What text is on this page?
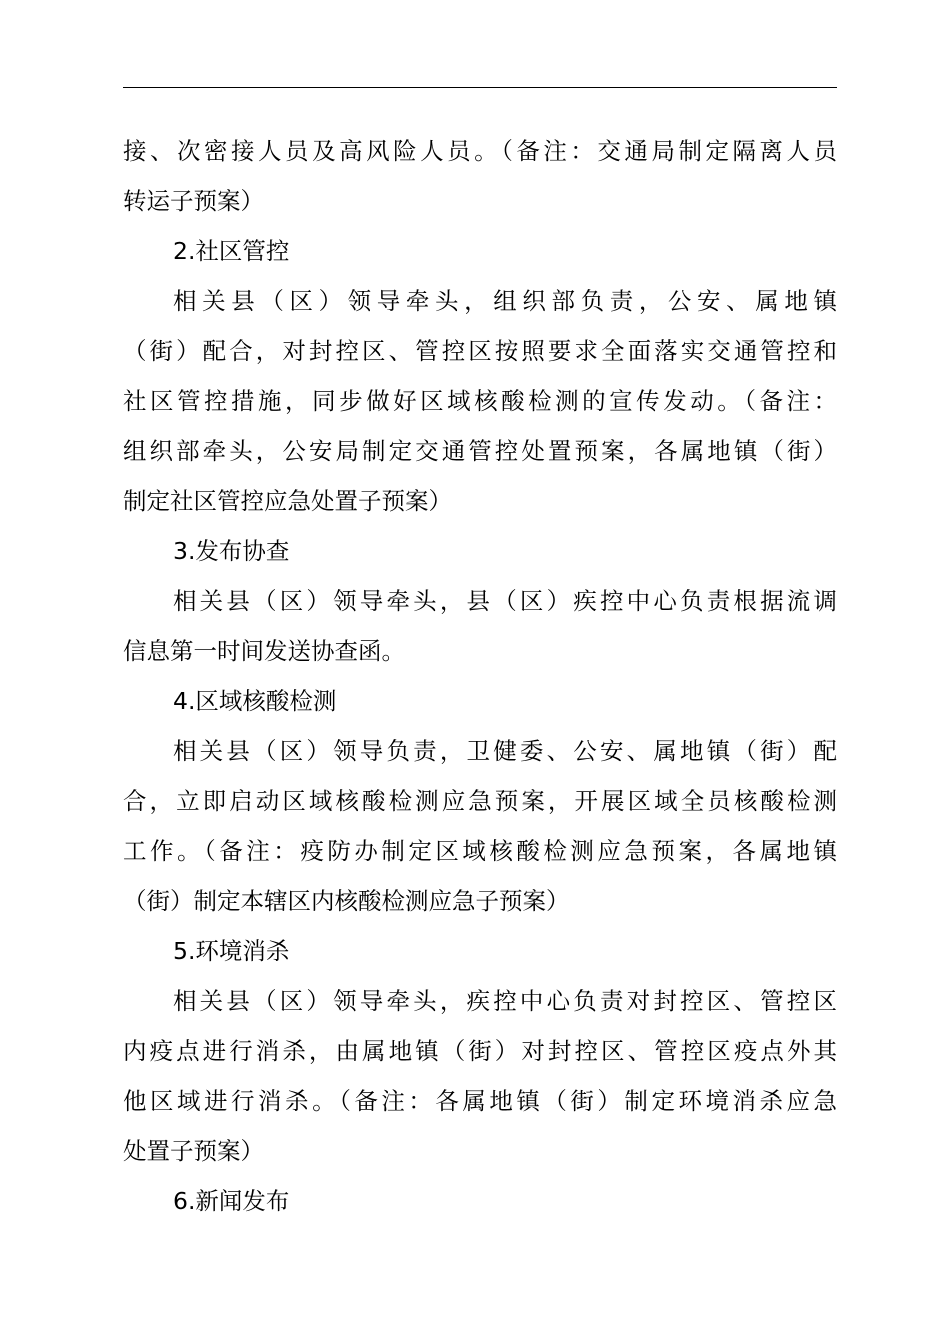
接、次密接人员及高风险人员。（备注：交通局制定隔离人员
转运子预案）
2.社区管控
相关县（区）领导牵头，组织部负责，公安、属地镇
（街）配合，对封控区、管控区按照要求全面落实交通管控和
社区管控措施，同步做好区域核酸检测的宣传发动。（备注：
组织部牵头，公安局制定交通管控处置预案，各属地镇（街）
制定社区管控应急处置子预案）
3.发布协查
相关县（区）领导牵头，县（区）疾控中心负责根据流调
信息第一时间发送协查函。
4.区域核酸检测
相关县（区）领导负责，卫健委、公安、属地镇（街）配
合，立即启动区域核酸检测应急预案，开展区域全员核酸检测
工作。（备注：疫防办制定区域核酸检测应急预案，各属地镇
（街）制定本辖区内核酸检测应急子预案）
5.环境消杀
相关县（区）领导牵头，疾控中心负责对封控区、管控区
内疫点进行消杀，由属地镇（街）对封控区、管控区疫点外其
他区域进行消杀。（备注：各属地镇（街）制定环境消杀应急
处置子预案）
6.新闻发布
